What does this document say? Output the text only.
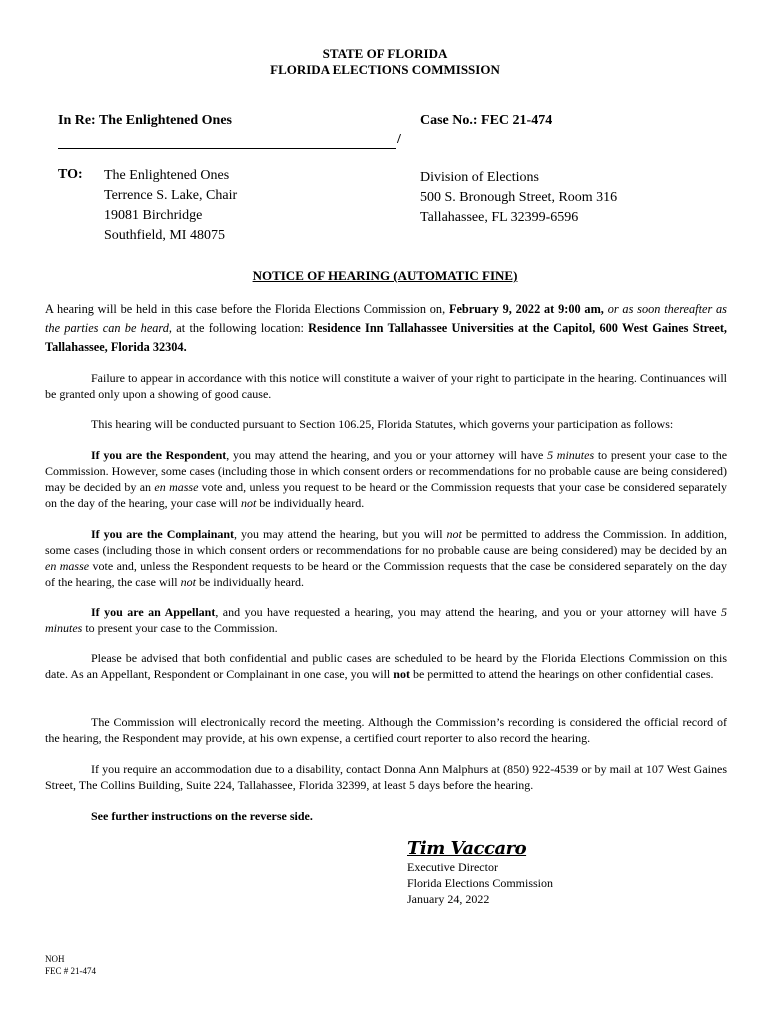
STATE OF FLORIDA
FLORIDA ELECTIONS COMMISSION
In Re: The Enlightened Ones	Case No.: FEC 21-474
/
TO: The Enlightened Ones
Terrence S. Lake, Chair
19081 Birchridge
Southfield, MI 48075
Division of Elections
500 S. Bronough Street, Room 316
Tallahassee, FL 32399-6596
NOTICE OF HEARING (AUTOMATIC FINE)
A hearing will be held in this case before the Florida Elections Commission on, February 9, 2022 at 9:00 am, or as soon thereafter as the parties can be heard, at the following location: Residence Inn Tallahassee Universities at the Capitol, 600 West Gaines Street, Tallahassee, Florida 32304.
Failure to appear in accordance with this notice will constitute a waiver of your right to participate in the hearing. Continuances will be granted only upon a showing of good cause.
This hearing will be conducted pursuant to Section 106.25, Florida Statutes, which governs your participation as follows:
If you are the Respondent, you may attend the hearing, and you or your attorney will have 5 minutes to present your case to the Commission. However, some cases (including those in which consent orders or recommendations for no probable cause are being considered) may be decided by an en masse vote and, unless you request to be heard or the Commission requests that your case be considered separately on the day of the hearing, your case will not be individually heard.
If you are the Complainant, you may attend the hearing, but you will not be permitted to address the Commission. In addition, some cases (including those in which consent orders or recommendations for no probable cause are being considered) may be decided by an en masse vote and, unless the Respondent requests to be heard or the Commission requests that the case be considered separately on the day of the hearing, the case will not be individually heard.
If you are an Appellant, and you have requested a hearing, you may attend the hearing, and you or your attorney will have 5 minutes to present your case to the Commission.
Please be advised that both confidential and public cases are scheduled to be heard by the Florida Elections Commission on this date. As an Appellant, Respondent or Complainant in one case, you will not be permitted to attend the hearings on other confidential cases.
The Commission will electronically record the meeting. Although the Commission’s recording is considered the official record of the hearing, the Respondent may provide, at his own expense, a certified court reporter to also record the hearing.
If you require an accommodation due to a disability, contact Donna Ann Malphurs at (850) 922-4539 or by mail at 107 West Gaines Street, The Collins Building, Suite 224, Tallahassee, Florida 32399, at least 5 days before the hearing.
See further instructions on the reverse side.
Tim Vaccaro
Executive Director
Florida Elections Commission
January 24, 2022
NOH
FEC # 21-474
